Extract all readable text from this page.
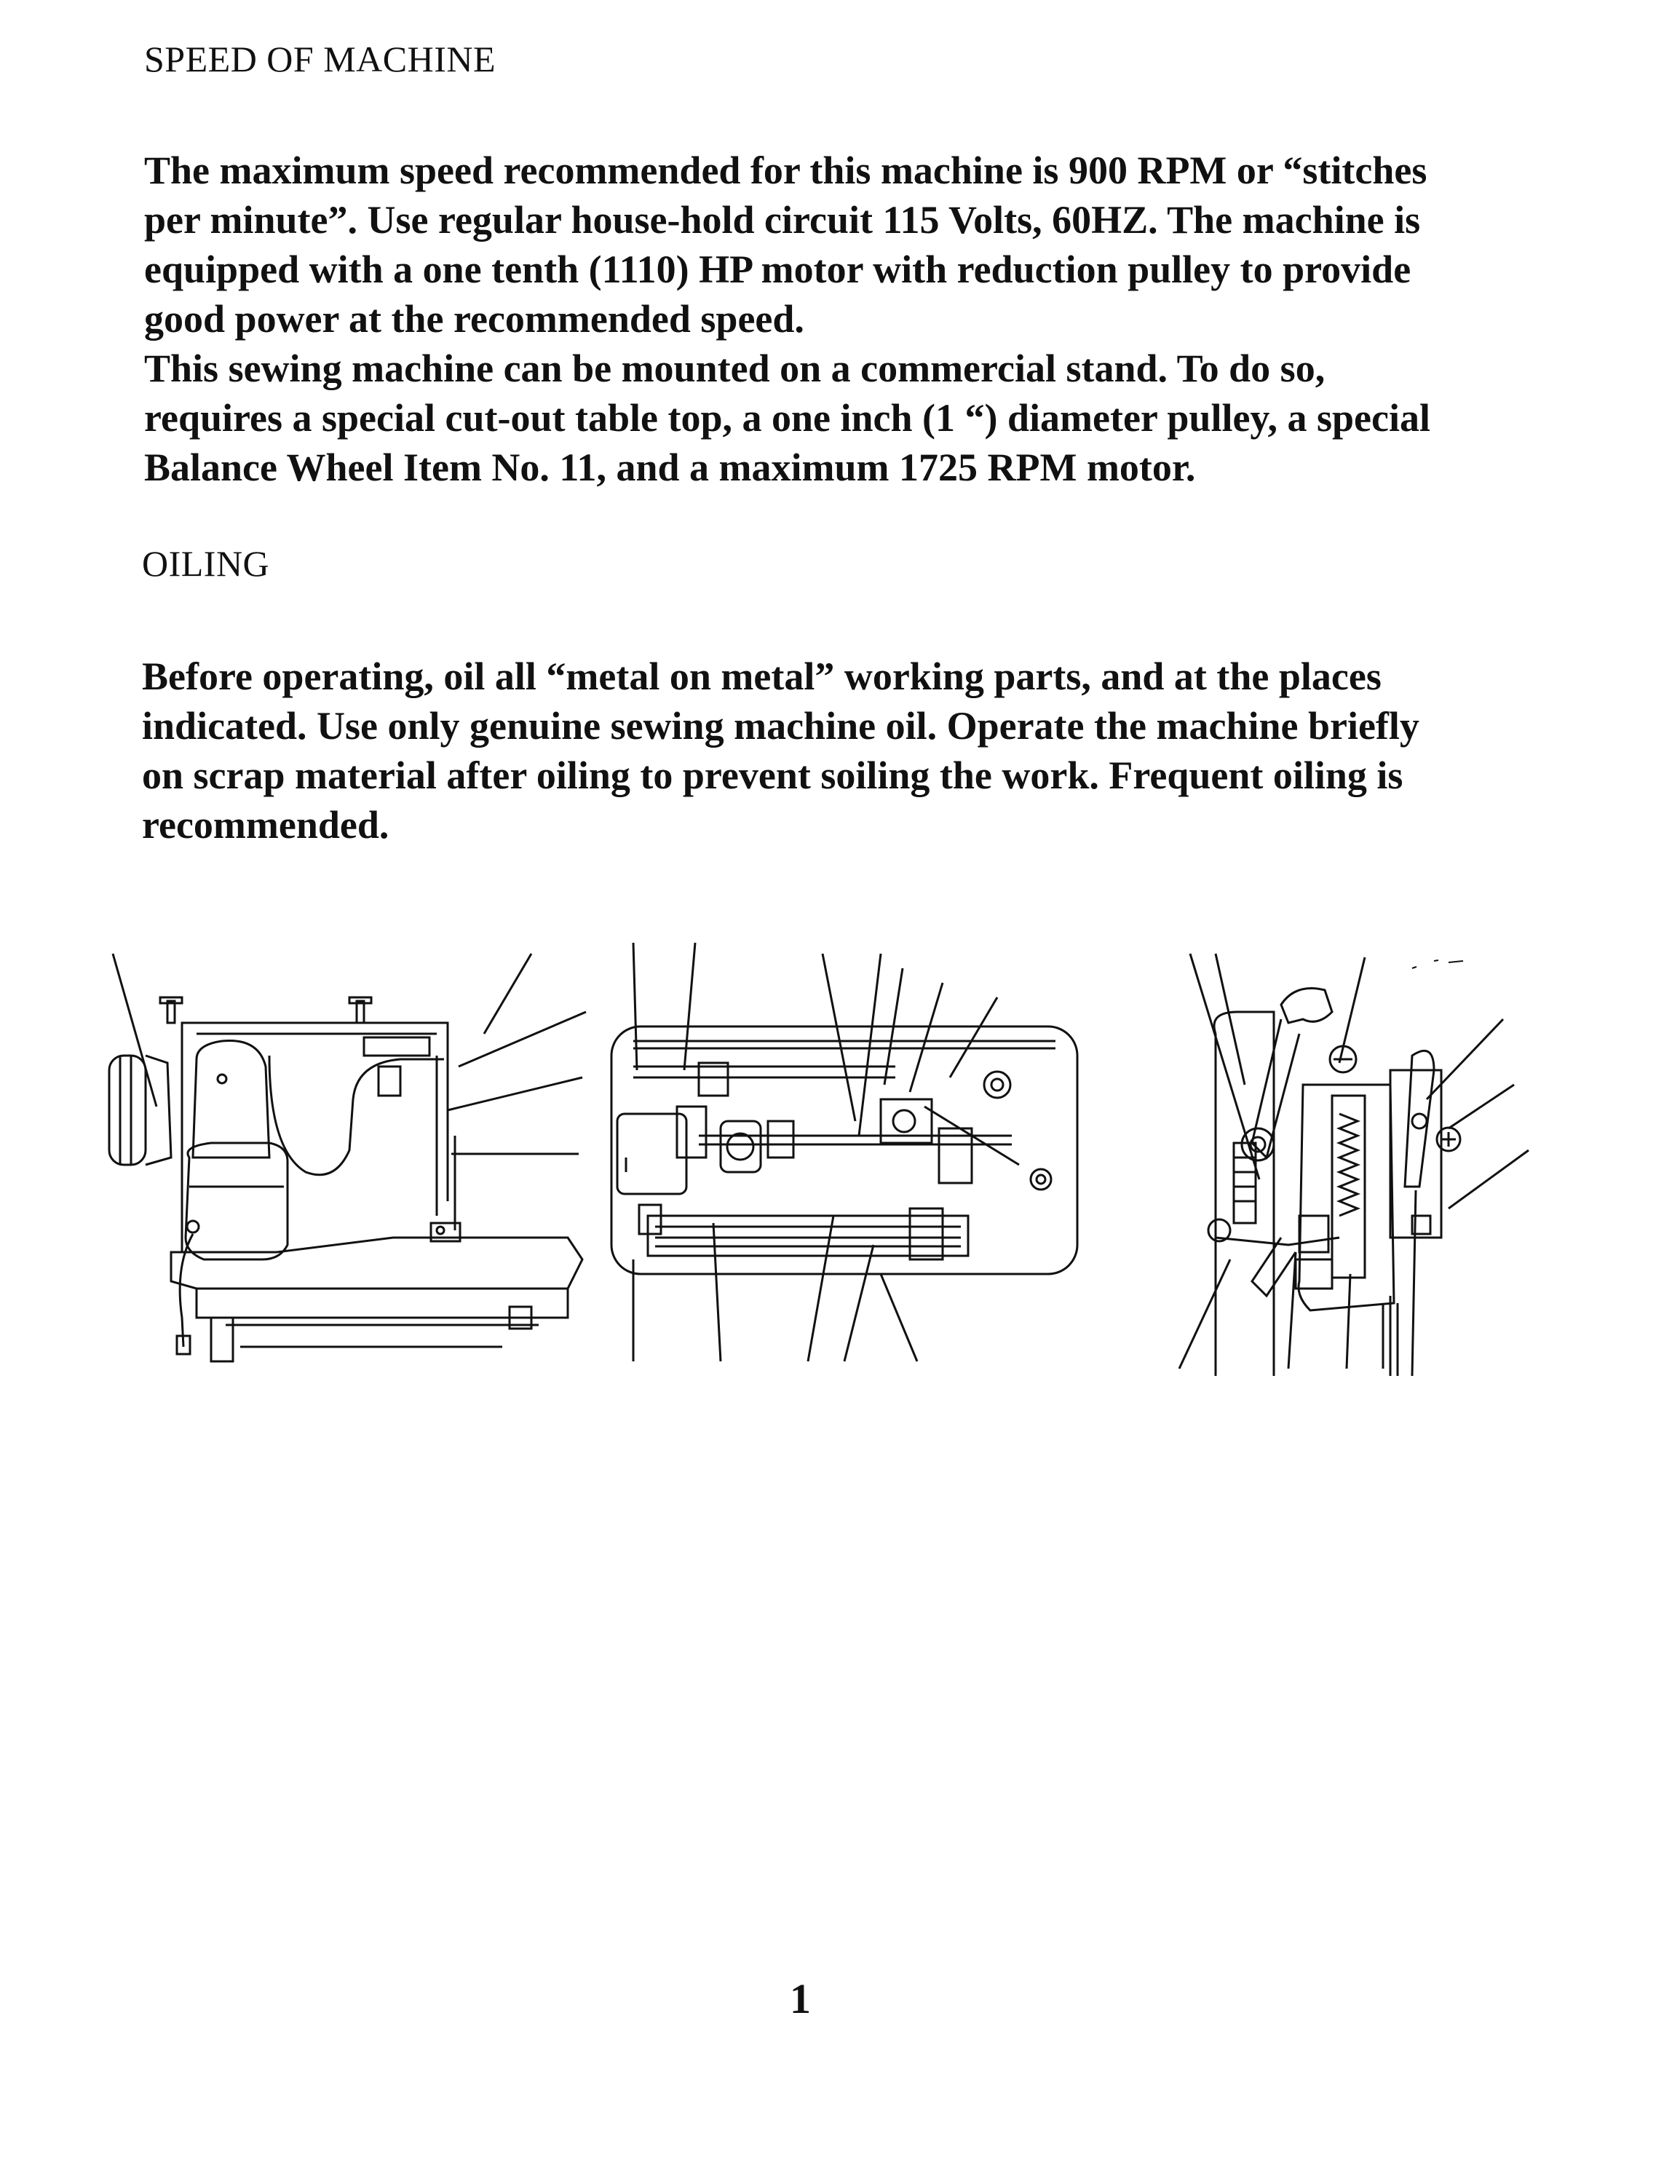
SPEED OF MACHINE

The maximum speed recommended for this machine is 900 RPM or “stitches
per minute”. Use regular house-hold circuit 115 Volts, 60HZ. The machine is
equipped with a one tenth (1110) HP motor with reduction pulley to provide
good power at the recommended speed.
This sewing machine can be mounted on a commercial stand. To do so,
requires a special cut-out table top, a one inch (1 “) diameter pulley, a special
Balance Wheel Item No. 11, and a maximum 1725 RPM motor.

OILING

Before operating, oil all “metal on metal” working parts, and at the places
indicated. Use only genuine sewing machine oil. Operate the machine briefly
on scrap material after oiling to prevent soiling the work. Frequent oiling is
recommended.

1
